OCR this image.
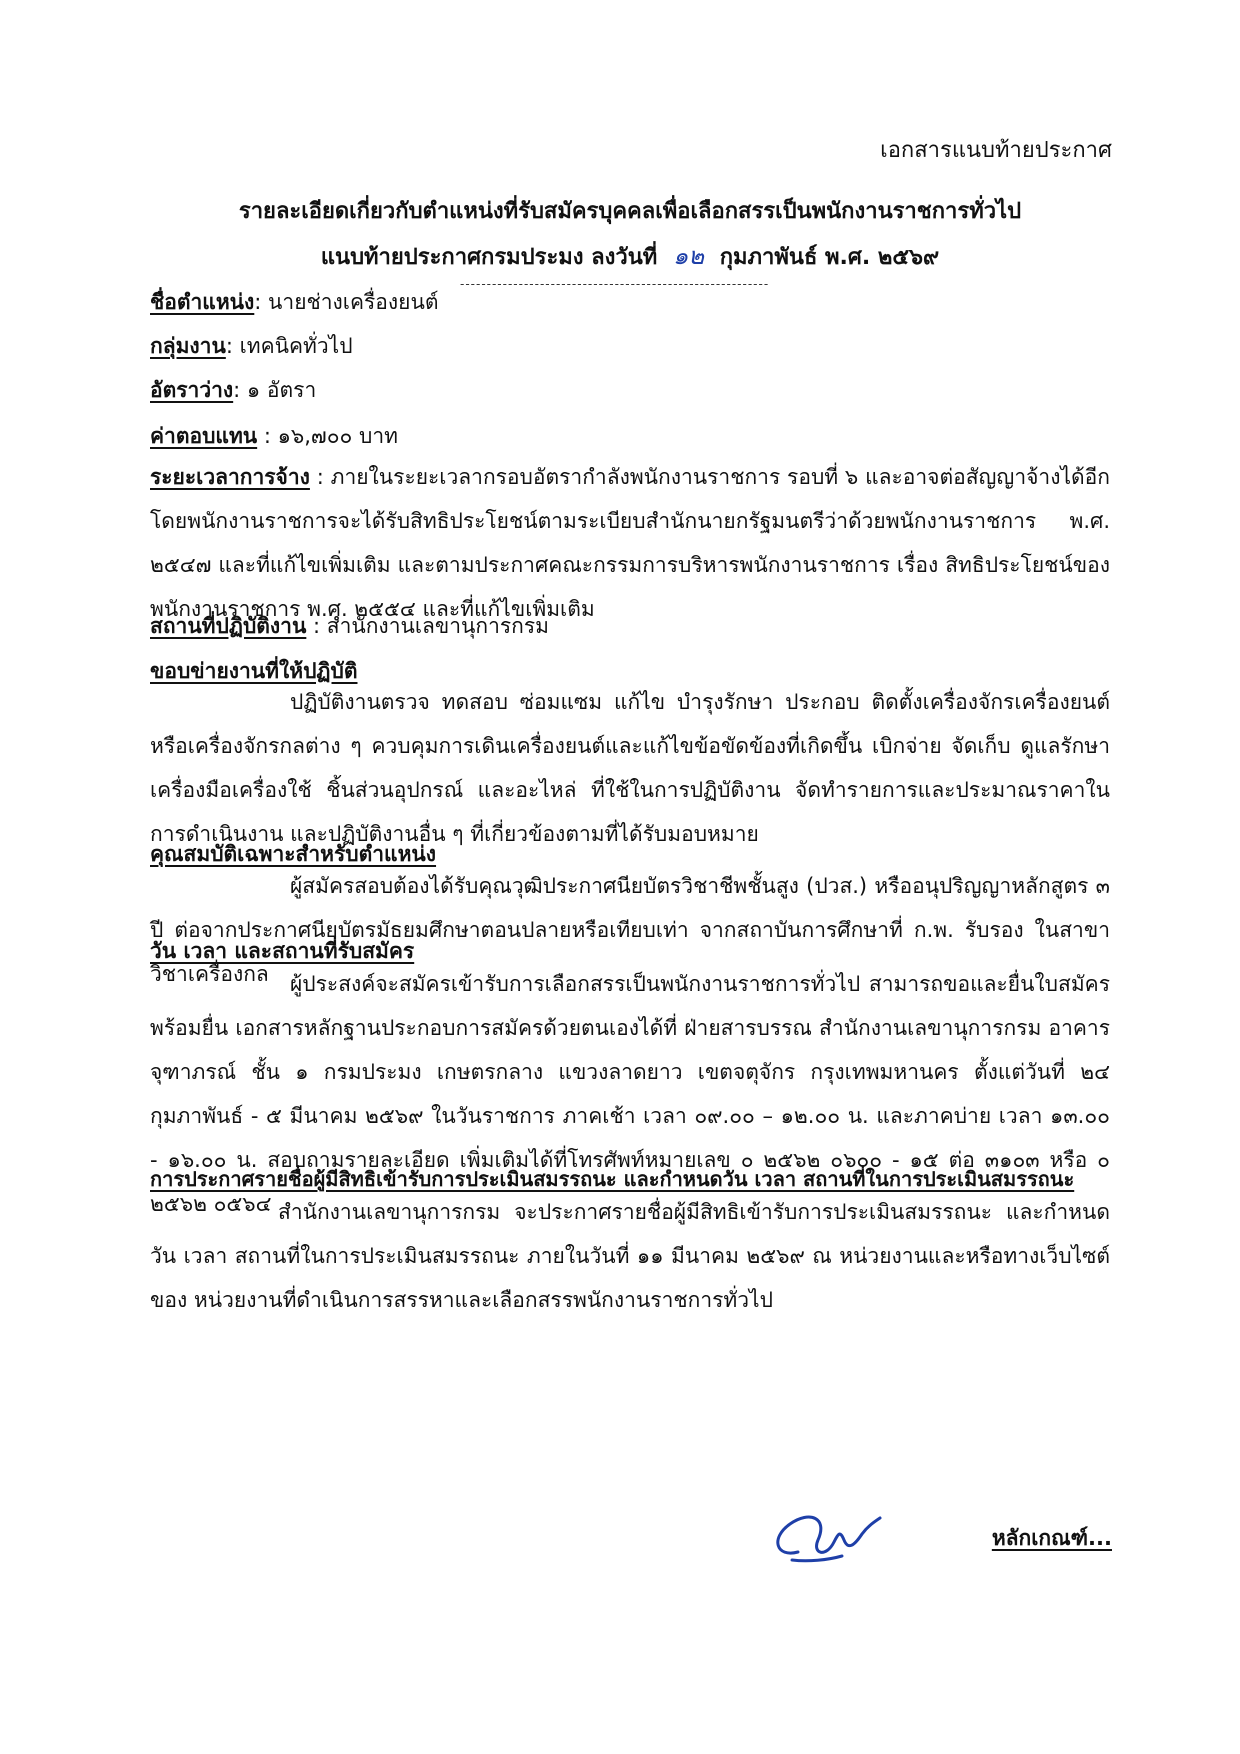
เอกสารแนบท้ายประกาศ
รายละเอียดเกี่ยวกับตำแหน่งที่รับสมัครบุคคลเพื่อเลือกสรรเป็นพนักงานราชการทั่วไป
แนบท้ายประกาศกรมประมง ลงวันที่ ๑๒ กุมภาพันธ์ พ.ศ. ๒๕๖๙
----------------------------------------------------------
ชื่อตำแหน่ง: นายช่างเครื่องยนต์
กลุ่มงาน: เทคนิคทั่วไป
อัตราว่าง: ๑ อัตรา
ค่าตอบแทน : ๑๖,๗๐๐ บาท
ระยะเวลาการจ้าง : ภายในระยะเวลากรอบอัตรากำลังพนักงานราชการ รอบที่ ๖ และอาจต่อสัญญาจ้างได้อีก โดยพนักงานราชการจะได้รับสิทธิประโยชน์ตามระเบียบสำนักนายกรัฐมนตรีว่าด้วยพนักงานราชการ พ.ศ. ๒๕๔๗ และที่แก้ไขเพิ่มเติม และตามประกาศคณะกรรมการบริหารพนักงานราชการ เรื่อง สิทธิประโยชน์ของพนักงานราชการ พ.ศ. ๒๕๕๔ และที่แก้ไขเพิ่มเติม
สถานที่ปฏิบัติงาน : สำนักงานเลขานุการกรม
ขอบข่ายงานที่ให้ปฏิบัติ
ปฏิบัติงานตรวจ ทดสอบ ซ่อมแซม แก้ไข บำรุงรักษา ประกอบ ติดตั้งเครื่องจักรเครื่องยนต์ หรือเครื่องจักรกลต่าง ๆ ควบคุมการเดินเครื่องยนต์และแก้ไขข้อขัดข้องที่เกิดขึ้น เบิกจ่าย จัดเก็บ ดูแลรักษา เครื่องมือเครื่องใช้ ชิ้นส่วนอุปกรณ์ และอะไหล่ ที่ใช้ในการปฏิบัติงาน จัดทำรายการและประมาณราคาในการดำเนินงาน และปฏิบัติงานอื่น ๆ ที่เกี่ยวข้องตามที่ได้รับมอบหมาย
คุณสมบัติเฉพาะสำหรับตำแหน่ง
ผู้สมัครสอบต้องได้รับคุณวุฒิประกาศนียบัตรวิชาชีพชั้นสูง (ปวส.) หรืออนุปริญญาหลักสูตร ๓ ปี ต่อจากประกาศนียบัตรมัธยมศึกษาตอนปลายหรือเทียบเท่า จากสถาบันการศึกษาที่ ก.พ. รับรอง ในสาขาวิชาเครื่องกล
วัน เวลา และสถานที่รับสมัคร
ผู้ประสงค์จะสมัครเข้ารับการเลือกสรรเป็นพนักงานราชการทั่วไป สามารถขอและยื่นใบสมัครพร้อมยื่น เอกสารหลักฐานประกอบการสมัครด้วยตนเองได้ที่ ฝ่ายสารบรรณ สำนักงานเลขานุการกรม อาคารจุฑาภรณ์ ชั้น ๑ กรมประมง เกษตรกลาง แขวงลาดยาว เขตจตุจักร กรุงเทพมหานคร ตั้งแต่วันที่ ๒๔ กุมภาพันธ์ - ๕ มีนาคม ๒๕๖๙ ในวันราชการ ภาคเช้า เวลา ๐๙.๐๐ – ๑๒.๐๐ น. และภาคบ่าย เวลา ๑๓.๐๐ - ๑๖.๐๐ น. สอบถามรายละเอียด เพิ่มเติมได้ที่โทรศัพท์หมายเลข ๐ ๒๕๖๒ ๐๖๐๐ - ๑๕ ต่อ ๓๑๐๓ หรือ ๐ ๒๕๖๒ ๐๕๖๔
การประกาศรายชื่อผู้มีสิทธิเข้ารับการประเมินสมรรถนะ และกำหนดวัน เวลา สถานที่ในการประเมินสมรรถนะ
สำนักงานเลขานุการกรม จะประกาศรายชื่อผู้มีสิทธิเข้ารับการประเมินสมรรถนะ และกำหนดวัน เวลา สถานที่ในการประเมินสมรรถนะ ภายในวันที่ ๑๑ มีนาคม ๒๕๖๙ ณ หน่วยงานและหรือทางเว็บไซต์ของ หน่วยงานที่ดำเนินการสรรหาและเลือกสรรพนักงานราชการทั่วไป
หลักเกณฑ์...
